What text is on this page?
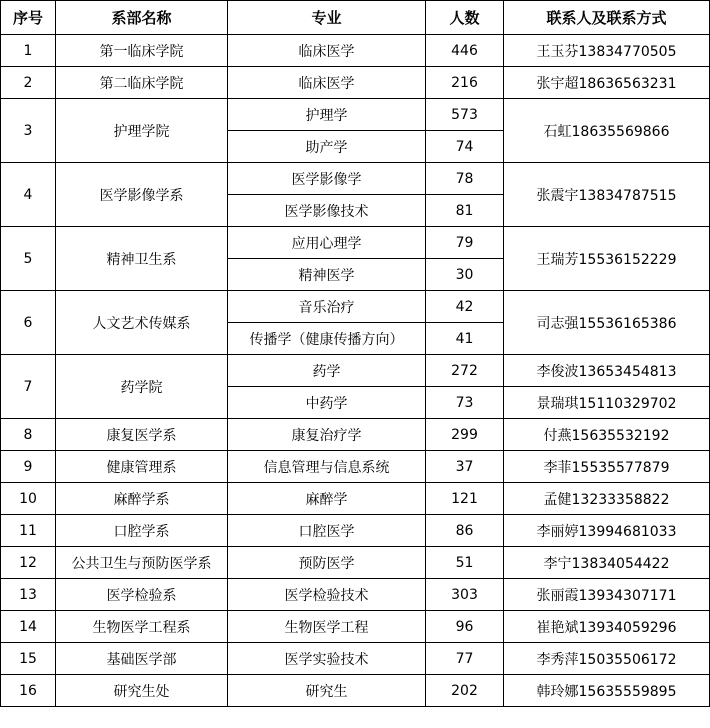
序号	系部名称	专业	人数	联系人及联系方式
1	第一临床学院	临床医学	446	王玉芬13834770505
2	第二临床学院	临床医学	216	张宇超18636563231
3	护理学院	护理学	573	石虹18635569866
		助产学	74	
4	医学影像学系	医学影像学	78	张震宇13834787515
		医学影像技术	81	
5	精神卫生系	应用心理学	79	王瑞芳15536152229
		精神医学	30	
6	人文艺术传媒系	音乐治疗	42	司志强15536165386
		传播学（健康传播方向）	41	
7	药学院	药学	272	李俊波13653454813
		中药学	73	景瑞琪15110329702
8	康复医学系	康复治疗学	299	付燕15635532192
9	健康管理系	信息管理与信息系统	37	李菲15535577879
10	麻醉学系	麻醉学	121	孟健13233358822
11	口腔学系	口腔医学	86	李丽婷13994681033
12	公共卫生与预防医学系	预防医学	51	李宁13834054422
13	医学检验系	医学检验技术	303	张丽霞13934307171
14	生物医学工程系	生物医学工程	96	崔艳斌13934059296
15	基础医学部	医学实验技术	77	李秀萍15035506172
16	研究生处	研究生	202	韩玲娜15635559895
